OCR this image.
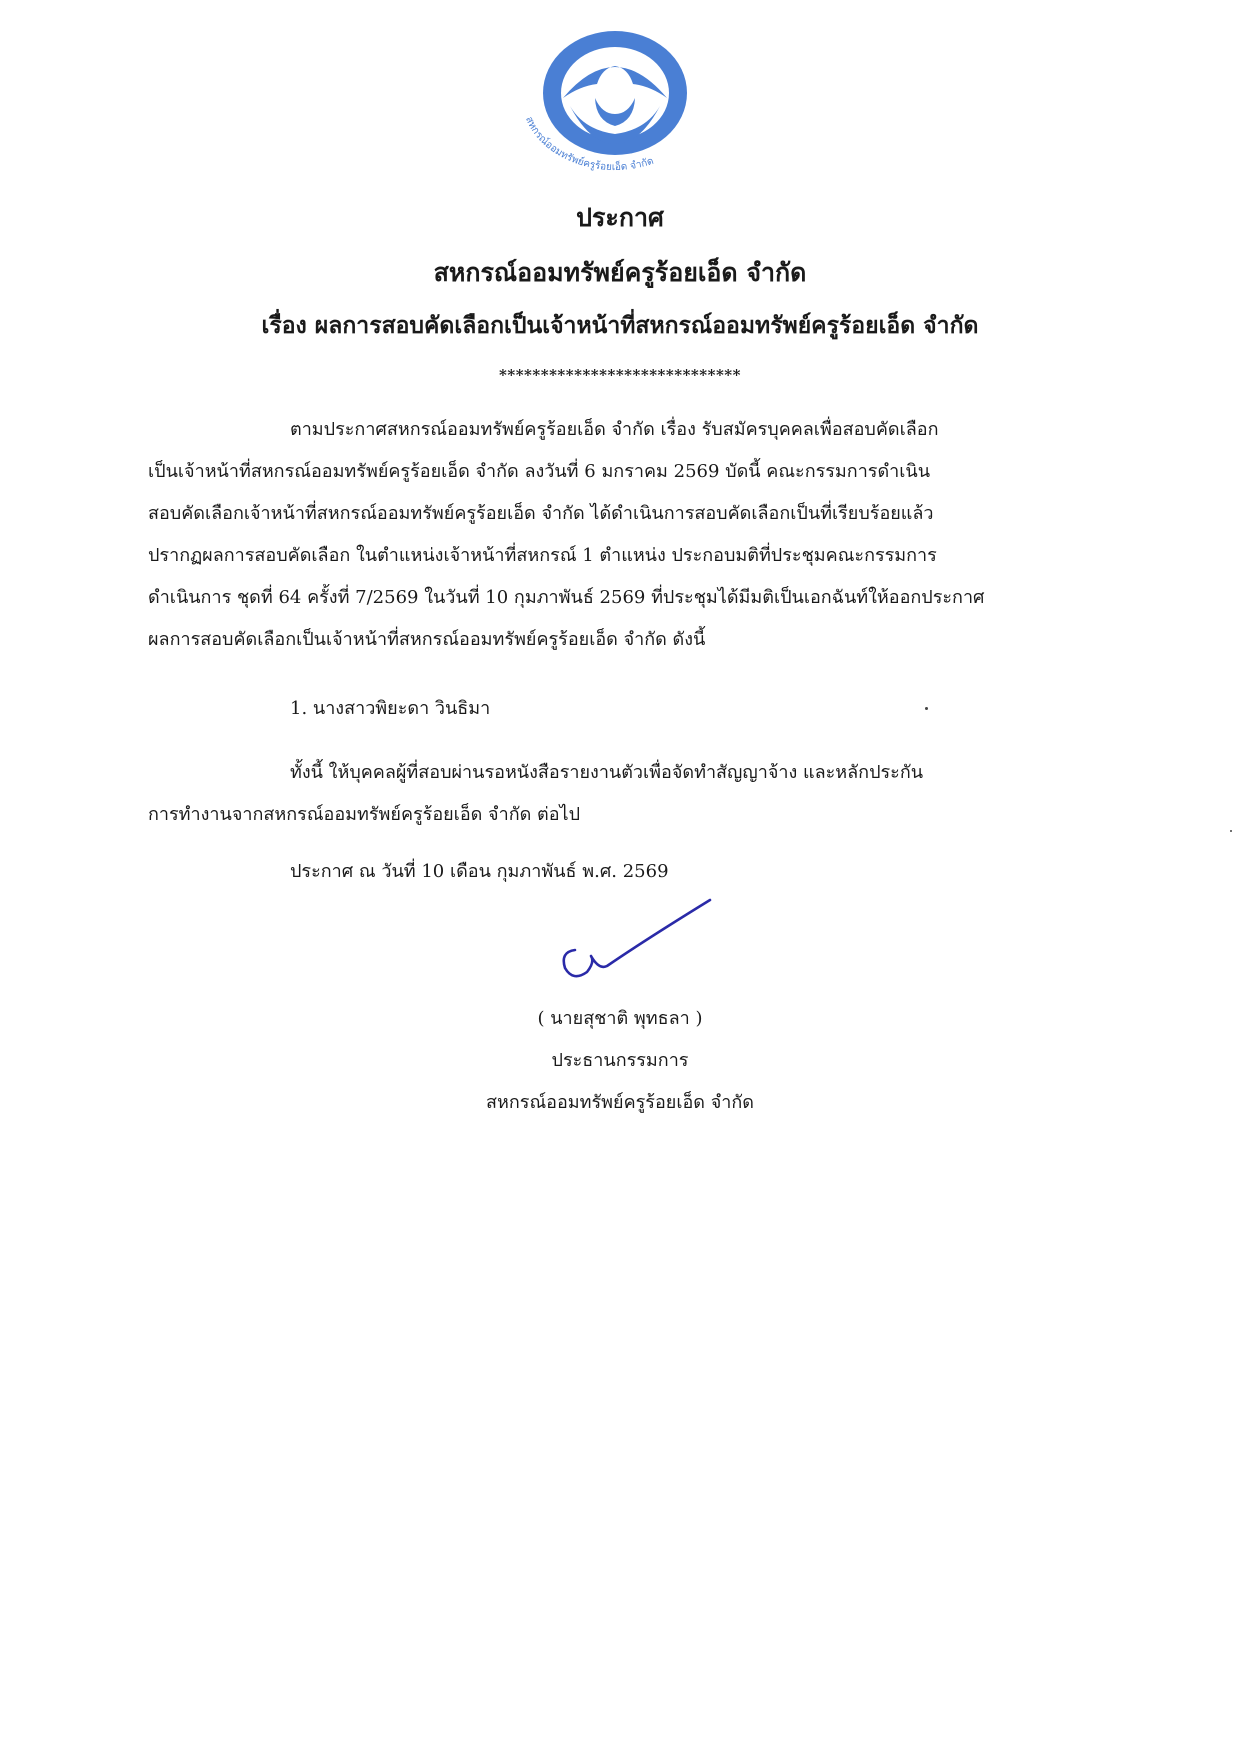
สหกรณ์ออมทรัพย์ครูร้อยเอ็ด จำกัด
ประกาศ
สหกรณ์ออมทรัพย์ครูร้อยเอ็ด จำกัด
เรื่อง ผลการสอบคัดเลือกเป็นเจ้าหน้าที่สหกรณ์ออมทรัพย์ครูร้อยเอ็ด จำกัด
*****************************
ตามประกาศสหกรณ์ออมทรัพย์ครูร้อยเอ็ด จำกัด เรื่อง รับสมัครบุคคลเพื่อสอบคัดเลือก
เป็นเจ้าหน้าที่สหกรณ์ออมทรัพย์ครูร้อยเอ็ด จำกัด ลงวันที่ 6 มกราคม 2569 บัดนี้ คณะกรรมการดำเนิน
สอบคัดเลือกเจ้าหน้าที่สหกรณ์ออมทรัพย์ครูร้อยเอ็ด จำกัด ได้ดำเนินการสอบคัดเลือกเป็นที่เรียบร้อยแล้ว
ปรากฏผลการสอบคัดเลือก ในตำแหน่งเจ้าหน้าที่สหกรณ์ 1 ตำแหน่ง ประกอบมติที่ประชุมคณะกรรมการ
ดำเนินการ ชุดที่ 64 ครั้งที่ 7/2569 ในวันที่ 10 กุมภาพันธ์ 2569 ที่ประชุมได้มีมติเป็นเอกฉันท์ให้ออกประกาศ
ผลการสอบคัดเลือกเป็นเจ้าหน้าที่สหกรณ์ออมทรัพย์ครูร้อยเอ็ด จำกัด ดังนี้
1. นางสาวพิยะดา วินธิมา
ทั้งนี้ ให้บุคคลผู้ที่สอบผ่านรอหนังสือรายงานตัวเพื่อจัดทำสัญญาจ้าง และหลักประกัน
การทำงานจากสหกรณ์ออมทรัพย์ครูร้อยเอ็ด จำกัด ต่อไป
ประกาศ ณ วันที่ 10 เดือน กุมภาพันธ์ พ.ศ. 2569
( นายสุชาติ พุทธลา )
ประธานกรรมการ
สหกรณ์ออมทรัพย์ครูร้อยเอ็ด จำกัด
